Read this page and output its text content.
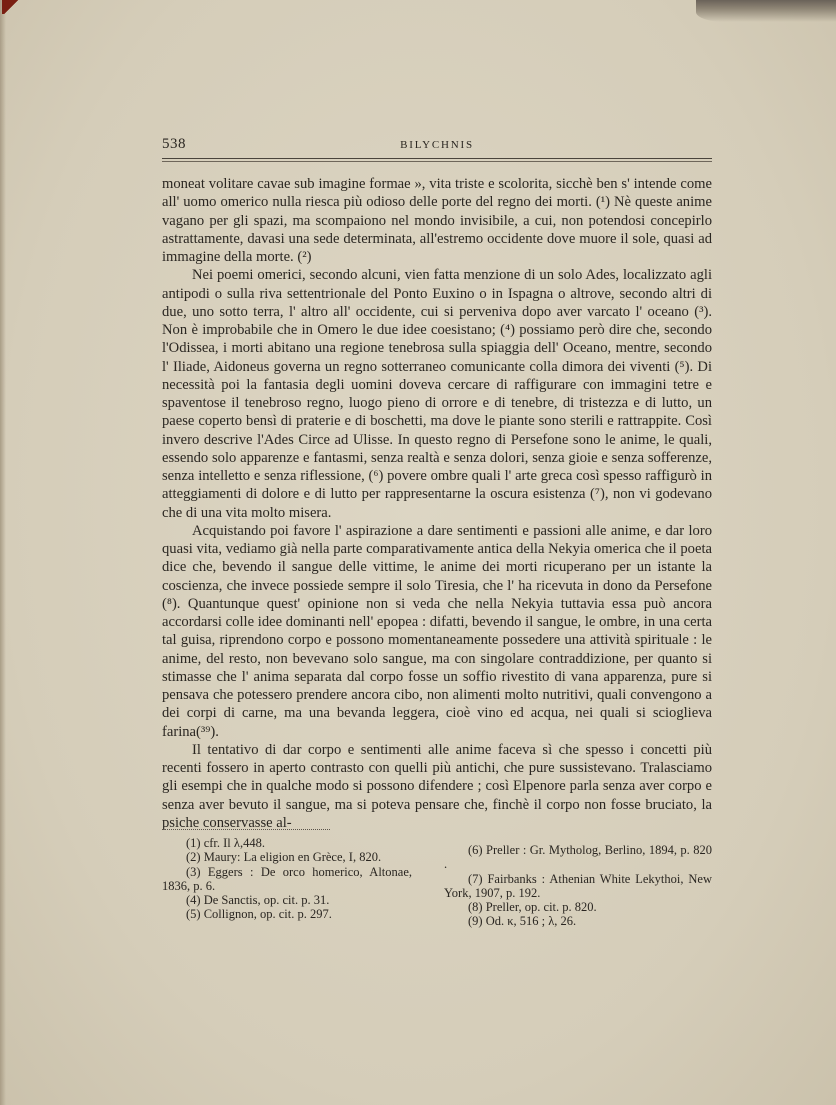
538	BILYCHNIS

moneat volitare cavae sub imagine formae », vita triste e scolorita, sicchè ben s' intende come all' uomo omerico nulla riesca più odioso delle porte del regno dei morti. (¹) Nè queste anime vagano per gli spazi, ma scompaiono nel mondo invisibile, a cui, non potendosi concepirlo astrattamente, davasi una sede determinata, all'estremo occidente dove muore il sole, quasi ad immagine della morte. (²)

Nei poemi omerici, secondo alcuni, vien fatta menzione di un solo Ades, localizzato agli antipodi o sulla riva settentrionale del Ponto Euxino o in Ispagna o altrove, secondo altri di due, uno sotto terra, l' altro all' occidente, cui si perveniva dopo aver varcato l' oceano (³). Non è improbabile che in Omero le due idee coesistano; (⁴) possiamo però dire che, secondo l'Odissea, i morti abitano una regione tenebrosa sulla spiaggia dell' Oceano, mentre, secondo l' Iliade, Aidoneus governa un regno sotterraneo comunicante colla dimora dei viventi (⁵). Di necessità poi la fantasia degli uomini doveva cercare di raffigurare con immagini tetre e spaventose il tenebroso regno, luogo pieno di orrore e di tenebre, di tristezza e di lutto, un paese coperto bensì di praterie e di boschetti, ma dove le piante sono sterili e rattrappite. Così invero descrive l'Ades Circe ad Ulisse. In questo regno di Persefone sono le anime, le quali, essendo solo apparenze e fantasmi, senza realtà e senza dolori, senza gioie e senza sofferenze, senza intelletto e senza riflessione, (⁶) povere ombre quali l' arte greca così spesso raffigurò in atteggiamenti di dolore e di lutto per rappresentarne la oscura esistenza (⁷), non vi godevano che di una vita molto misera.

Acquistando poi favore l' aspirazione a dare sentimenti e passioni alle anime, e dar loro quasi vita, vediamo già nella parte comparativamente antica della Nekyia omerica che il poeta dice che, bevendo il sangue delle vittime, le anime dei morti ricuperano per un istante la coscienza, che invece possiede sempre il solo Tiresia, che l' ha ricevuta in dono da Persefone (⁸). Quantunque quest' opinione non si veda che nella Nekyia tuttavia essa può ancora accordarsi colle idee dominanti nell' epopea : difatti, bevendo il sangue, le ombre, in una certa tal guisa, riprendono corpo e possono momentaneamente possedere una attività spirituale : le anime, del resto, non bevevano solo sangue, ma con singolare contraddizione, per quanto si stimasse che l' anima separata dal corpo fosse un soffio rivestito di vana apparenza, pure si pensava che potessero prendere ancora cibo, non alimenti molto nutritivi, quali convengono a dei corpi di carne, ma una bevanda leggera, cioè vino ed acqua, nei quali si scioglieva farina(³⁹).

Il tentativo di dar corpo e sentimenti alle anime faceva sì che spesso i concetti più recenti fossero in aperto contrasto con quelli più antichi, che pure sussistevano. Tralasciamo gli esempi che in qualche modo si possono difendere ; così Elpenore parla senza aver corpo e senza aver bevuto il sangue, ma si poteva pensare che, finchè il corpo non fosse bruciato, la psiche conservasse al-

(1) cfr. Il λ,448.

(2) Maury: La eligion en Grèce, I, 820.

(3) Eggers : De orco homerico, Altonae, 1836, p. 6.

(4) De Sanctis, op. cit. p. 31.

(5) Collignon, op. cit. p. 297.

(6) Preller : Gr. Mytholog, Berlino, 1894, p. 820 .

(7) Fairbanks : Athenian White Lekythoi, New York, 1907, p. 192.

(8) Preller, op. cit. p. 820.

(9) Od. κ, 516 ; λ, 26.
